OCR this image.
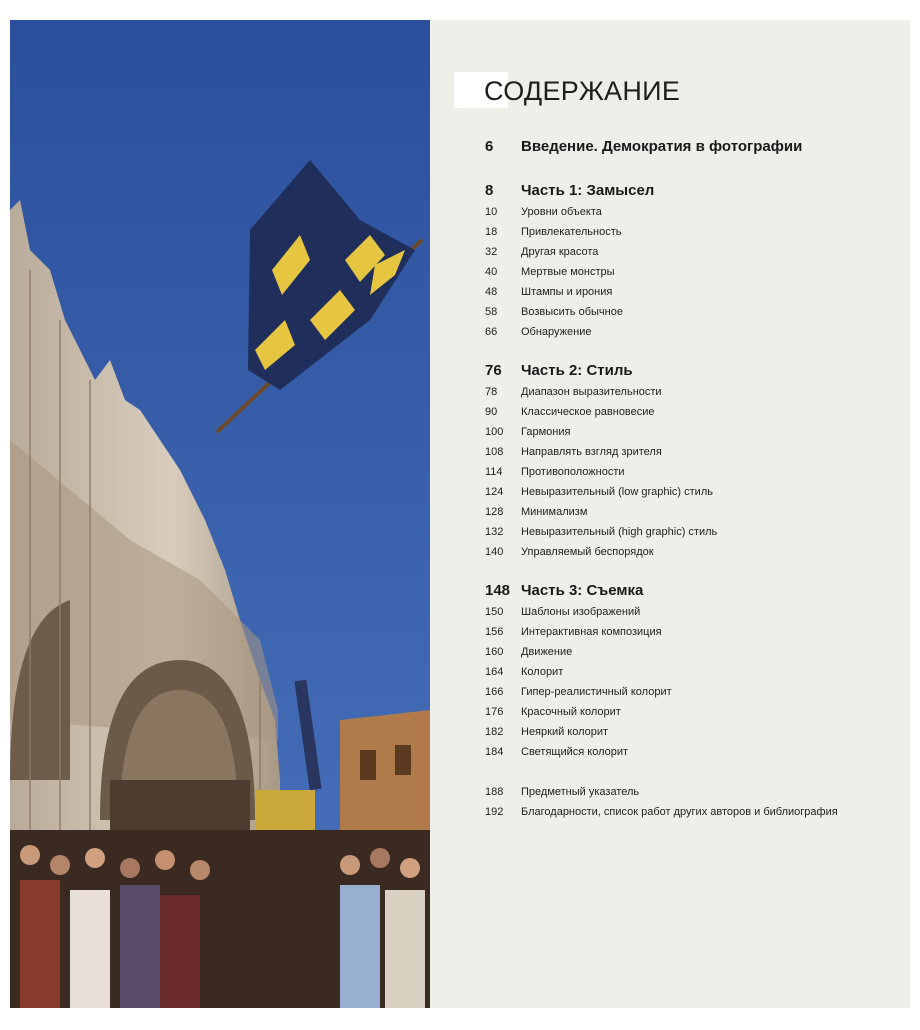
СОДЕРЖАНИЕ
6	Введение. Демократия в фотографии
8	Часть 1: Замысел
10	Уровни объекта
18	Привлекательность
32	Другая красота
40	Мертвые монстры
48	Штампы и ирония
58	Возвысить обычное
66	Обнаружение
76	Часть 2: Стиль
78	Диапазон выразительности
90	Классическое равновесие
100	Гармония
108	Направлять взгляд зрителя
114	Противоположности
124	Невыразительный (low graphic) стиль
128	Минимализм
132	Невыразительный (high graphic) стиль
140	Управляемый беспорядок
148 Часть 3: Съемка
150	Шаблоны изображений
156	Интерактивная композиция
160	Движение
164	Колорит
166	Гипер-реалистичный колорит
176	Красочный колорит
182	Неяркий колорит
184	Светящийся колорит
188	Предметный указатель
192	Благодарности, список работ других авторов и библиография
